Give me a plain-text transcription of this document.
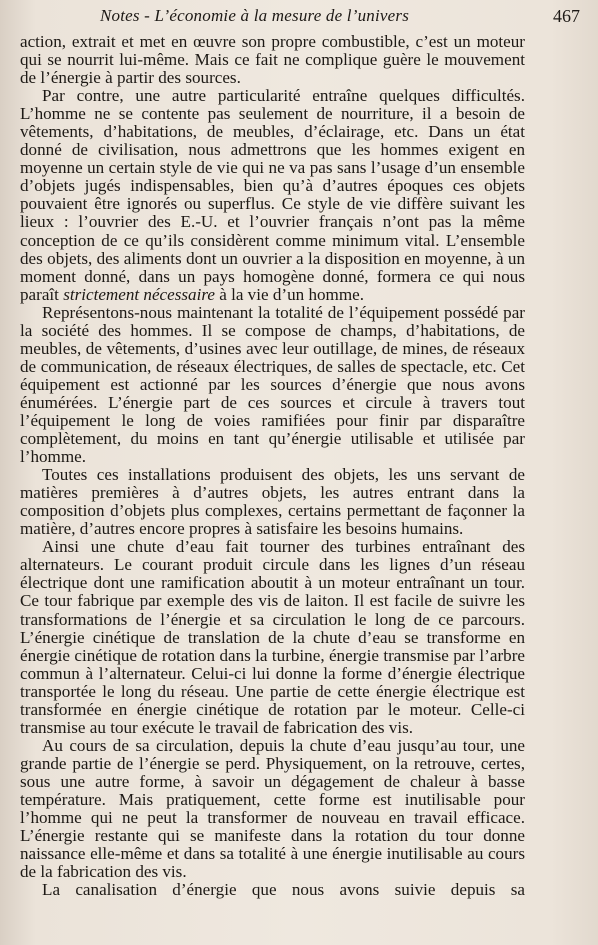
Notes - L’économie à la mesure de l’univers	467

action, extrait et met en œuvre son propre combustible, c’est un moteur qui se nourrit lui-même. Mais ce fait ne complique guère le mouvement de l’énergie à partir des sources.

Par contre, une autre particularité entraîne quelques difficultés. L’homme ne se contente pas seulement de nourriture, il a besoin de vêtements, d’habitations, de meubles, d’éclairage, etc. Dans un état donné de civilisation, nous admettrons que les hommes exigent en moyenne un certain style de vie qui ne va pas sans l’usage d’un ensemble d’objets jugés indispensables, bien qu’à d’autres époques ces objets pouvaient être ignorés ou superflus. Ce style de vie diffère suivant les lieux : l’ouvrier des E.-U. et l’ouvrier français n’ont pas la même conception de ce qu’ils considèrent comme minimum vital. L’ensemble des objets, des aliments dont un ouvrier a la disposition en moyenne, à un moment donné, dans un pays homogène donné, formera ce qui nous paraît strictement nécessaire à la vie d’un homme.

Représentons-nous maintenant la totalité de l’équipement possédé par la société des hommes. Il se compose de champs, d’habitations, de meubles, de vêtements, d’usines avec leur outillage, de mines, de réseaux de communication, de réseaux électriques, de salles de spectacle, etc. Cet équipement est actionné par les sources d’énergie que nous avons énumérées. L’énergie part de ces sources et circule à travers tout l’équipement le long de voies ramifiées pour finir par disparaître complètement, du moins en tant qu’énergie utilisable et utilisée par l’homme.

Toutes ces installations produisent des objets, les uns servant de matières premières à d’autres objets, les autres entrant dans la composition d’objets plus complexes, certains permettant de façonner la matière, d’autres encore propres à satisfaire les besoins humains.

Ainsi une chute d’eau fait tourner des turbines entraînant des alternateurs. Le courant produit circule dans les lignes d’un réseau électrique dont une ramification aboutit à un moteur entraînant un tour. Ce tour fabrique par exemple des vis de laiton. Il est facile de suivre les transformations de l’énergie et sa circulation le long de ce parcours. L’énergie cinétique de translation de la chute d’eau se transforme en énergie cinétique de rotation dans la turbine, énergie transmise par l’arbre commun à l’alternateur. Celui-ci lui donne la forme d’énergie électrique transportée le long du réseau. Une partie de cette énergie électrique est transformée en énergie cinétique de rotation par le moteur. Celle-ci transmise au tour exécute le travail de fabrication des vis.

Au cours de sa circulation, depuis la chute d’eau jusqu’au tour, une grande partie de l’énergie se perd. Physiquement, on la retrouve, certes, sous une autre forme, à savoir un dégagement de chaleur à basse température. Mais pratiquement, cette forme est inutilisable pour l’homme qui ne peut la transformer de nouveau en travail efficace. L’énergie restante qui se manifeste dans la rotation du tour donne naissance elle-même et dans sa totalité à une énergie inutilisable au cours de la fabrication des vis.

La canalisation d’énergie que nous avons suivie depuis sa
